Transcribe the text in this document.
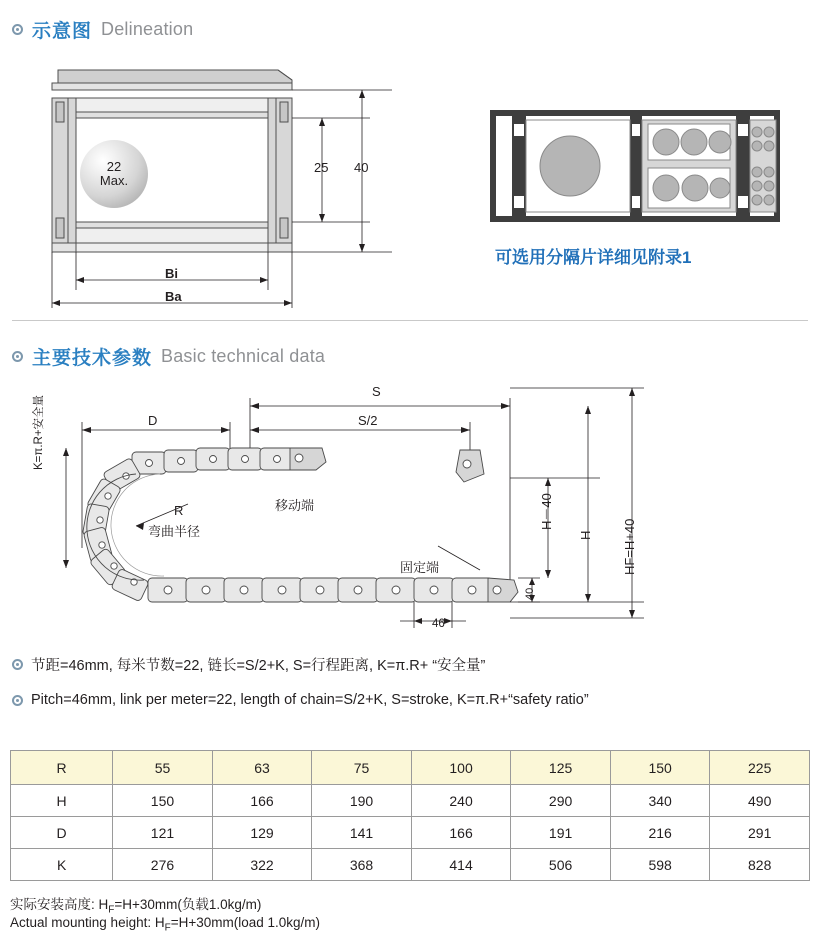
示意图 Delineation
22
Max.
25 40
Bi
Ba
可选用分隔片详细见附录1
主要技术参数 Basic technical data
S
S/2
D
R
弯曲半径
移动端
固定端
K=π.R+安全量
H－40
H HF=H+40
40
46
节距=46mm, 每米节数=22, 链长=S/2+K, S=行程距离, K=π.R+ “安全量”
Pitch=46mm, link per meter=22, length of chain=S/2+K, S=stroke, K=π.R+“safety ratio”
R	55	63	75	100	125	150	225
H	150	166	190	240	290	340	490
D	121	129	141	166	191	216	291
K	276	322	368	414	506	598	828
实际安装高度: $H_F=H+30mm$(负载1.0kg/m)
Actual mounting height: $H_F=H+30mm(load$ 1.0kg/m)
